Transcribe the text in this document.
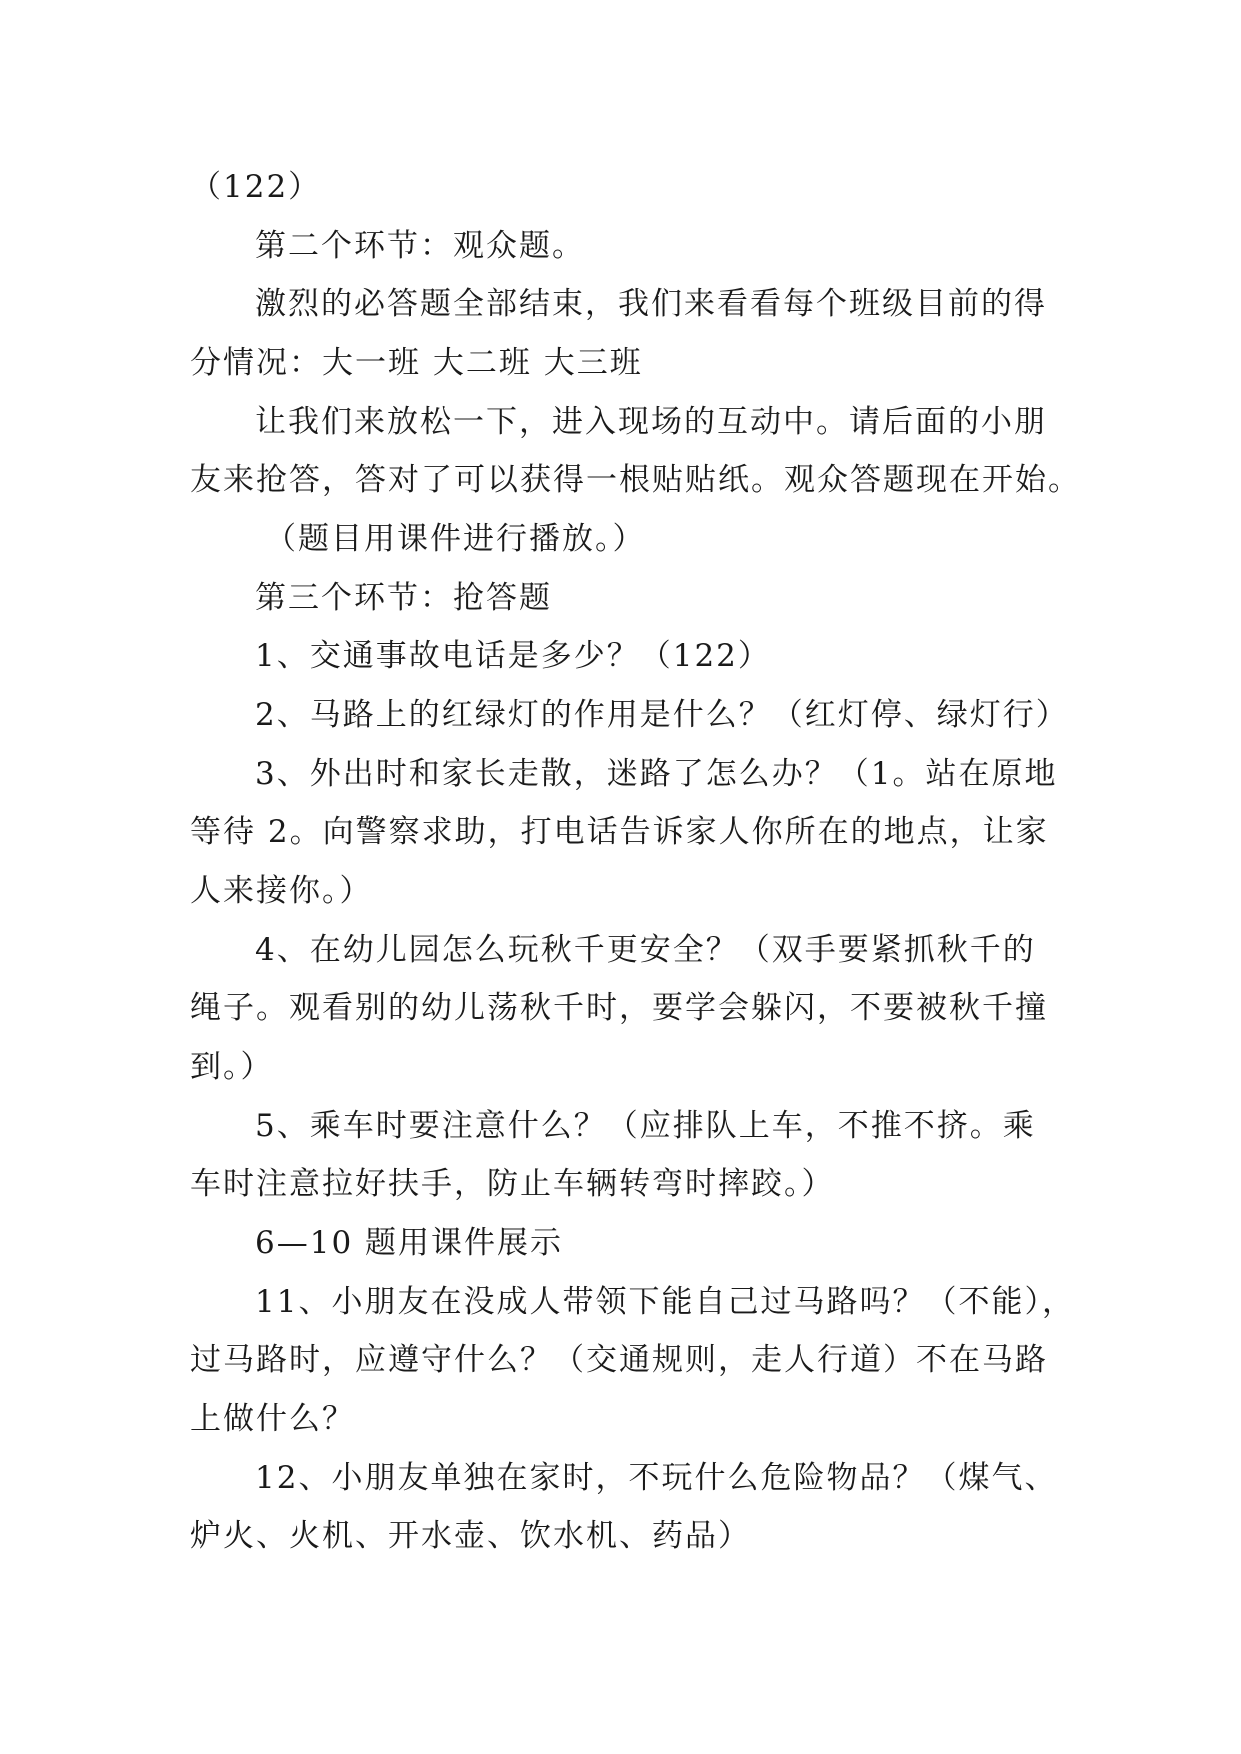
（122）
第二个环节：观众题。
激烈的必答题全部结束，我们来看看每个班级目前的得
分情况：大一班 大二班 大三班
让我们来放松一下，进入现场的互动中。请后面的小朋
友来抢答，答对了可以获得一根贴贴纸。观众答题现在开始。
（题目用课件进行播放。）
第三个环节：抢答题
1、交通事故电话是多少？（122）
2、马路上的红绿灯的作用是什么？（红灯停、绿灯行）
3、外出时和家长走散，迷路了怎么办？（1。站在原地
等待 2。向警察求助，打电话告诉家人你所在的地点，让家
人来接你。）
4、在幼儿园怎么玩秋千更安全？（双手要紧抓秋千的
绳子。观看别的幼儿荡秋千时，要学会躲闪，不要被秋千撞
到。）
5、乘车时要注意什么？（应排队上车，不推不挤。乘
车时注意拉好扶手，防止车辆转弯时摔跤。）
6—10 题用课件展示
11、小朋友在没成人带领下能自己过马路吗？（不能），
过马路时，应遵守什么？（交通规则，走人行道）不在马路
上做什么？
12、小朋友单独在家时，不玩什么危险物品？（煤气、
炉火、火机、开水壶、饮水机、药品）
